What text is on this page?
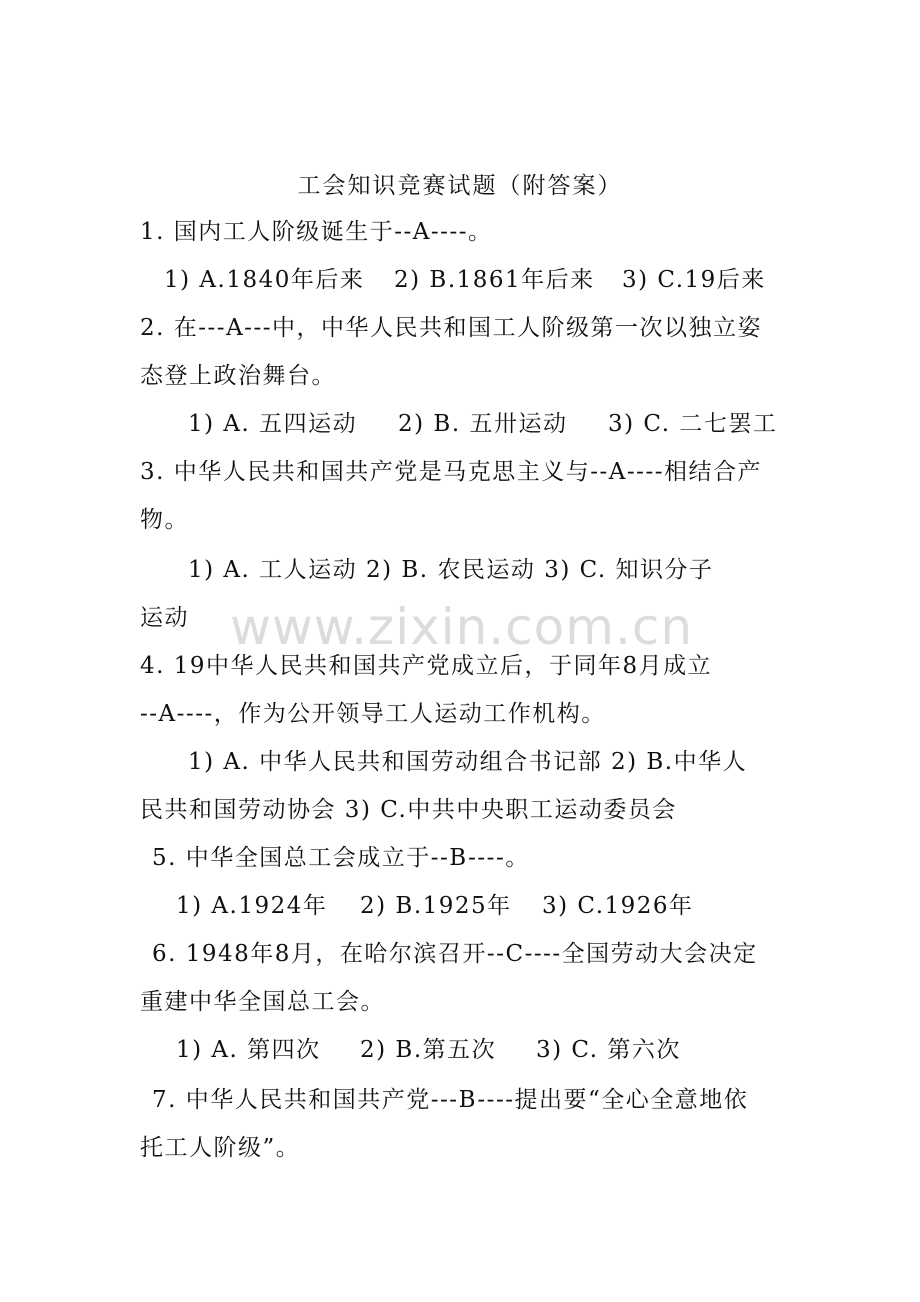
工会知识竞赛试题（附答案）
1. 国内工人阶级诞生于--A----。
1) A.1840年后来 2) B.1861年后来 3) C.19后来
2. 在---A---中，中华人民共和国工人阶级第一次以独立姿
态登上政治舞台。
1) A. 五四运动 2) B. 五卅运动 3) C. 二七罢工
3. 中华人民共和国共产党是马克思主义与--A----相结合产
物。
1) A. 工人运动 2) B. 农民运动 3) C. 知识分子
运动 www.zixin.com.cn
4. 19中华人民共和国共产党成立后，于同年8月成立
--A----，作为公开领导工人运动工作机构。
1) A. 中华人民共和国劳动组合书记部 2) B.中华人
民共和国劳动协会 3) C.中共中央职工运动委员会
5. 中华全国总工会成立于--B----。
1) A.1924年 2) B.1925年 3) C.1926年
6. 1948年8月，在哈尔滨召开--C----全国劳动大会决定
重建中华全国总工会。
1) A. 第四次 2) B.第五次 3) C. 第六次
7. 中华人民共和国共产党---B----提出要“全心全意地依
托工人阶级”。
